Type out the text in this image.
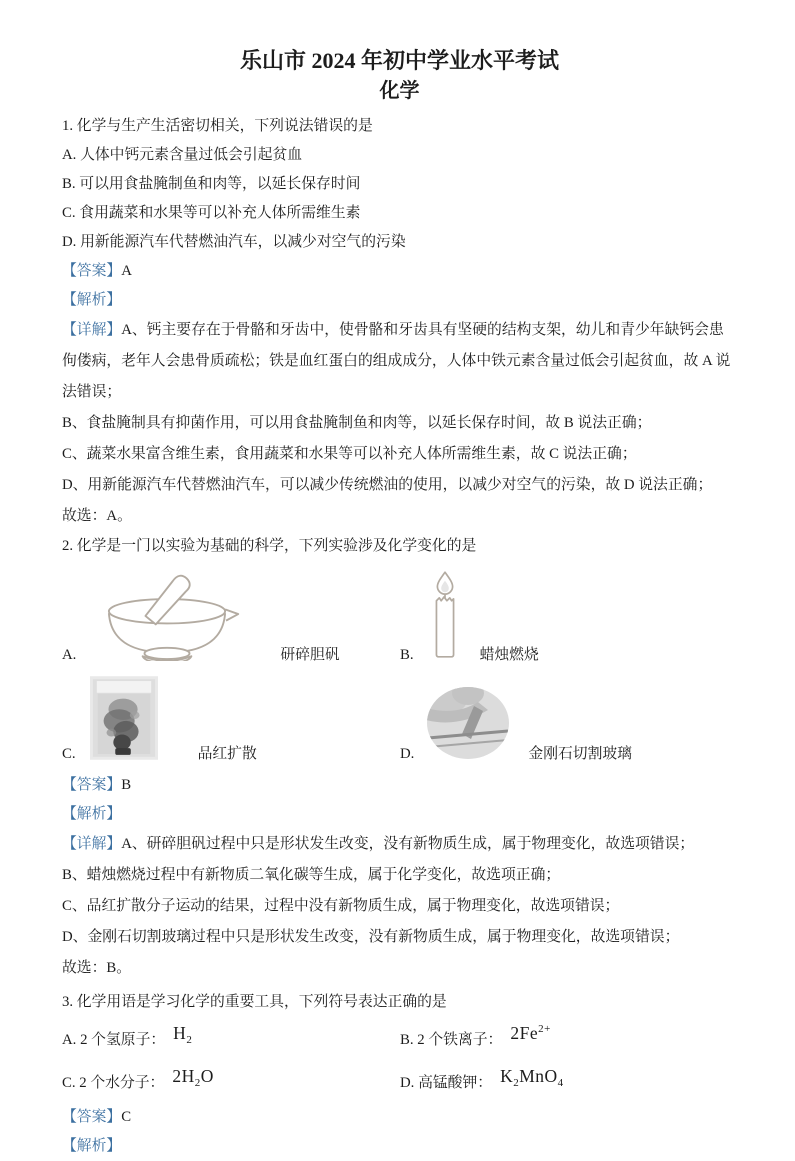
乐山市 2024 年初中学业水平考试
化学

1. 化学与生产生活密切相关，下列说法错误的是

A. 人体中钙元素含量过低会引起贫血

B. 可以用食盐腌制鱼和肉等，以延长保存时间

C. 食用蔬菜和水果等可以补充人体所需维生素

D. 用新能源汽车代替燃油汽车，以减少对空气的污染

【答案】A

【解析】

【详解】A、钙主要存在于骨骼和牙齿中，使骨骼和牙齿具有坚硬的结构支架，幼儿和青少年缺钙会患佝偻病，老年人会患骨质疏松；铁是血红蛋白的组成成分，人体中铁元素含量过低会引起贫血，故 A 说法错误；

B、食盐腌制具有抑菌作用，可以用食盐腌制鱼和肉等，以延长保存时间，故 B 说法正确；

C、蔬菜水果富含维生素，食用蔬菜和水果等可以补充人体所需维生素，故 C 说法正确；

D、用新能源汽车代替燃油汽车，可以减少传统燃油的使用，以减少对空气的污染，故 D 说法正确；

故选：A。

2. 化学是一门以实验为基础的科学，下列实验涉及化学变化的是

A.	研碎胆矾	B.	蜡烛燃烧
C.	品红扩散	D.	金刚石切割玻璃

【答案】B

【解析】

【详解】A、研碎胆矾过程中只是形状发生改变，没有新物质生成，属于物理变化，故选项错误；

B、蜡烛燃烧过程中有新物质二氧化碳等生成，属于化学变化，故选项正确；

C、品红扩散分子运动的结果，过程中没有新物质生成，属于物理变化，故选项错误；

D、金刚石切割玻璃过程中只是形状发生改变，没有新物质生成，属于物理变化，故选项错误；

故选：B。

3. 化学用语是学习化学的重要工具，下列符号表达正确的是

A. 2 个氢原子： $H_2$	B. 2 个铁离子： $2Fe^{2+}$

C. 2 个水分子： $2H_2O$	D. 高锰酸钾： $K_2MnO_4$

【答案】C

【解析】
